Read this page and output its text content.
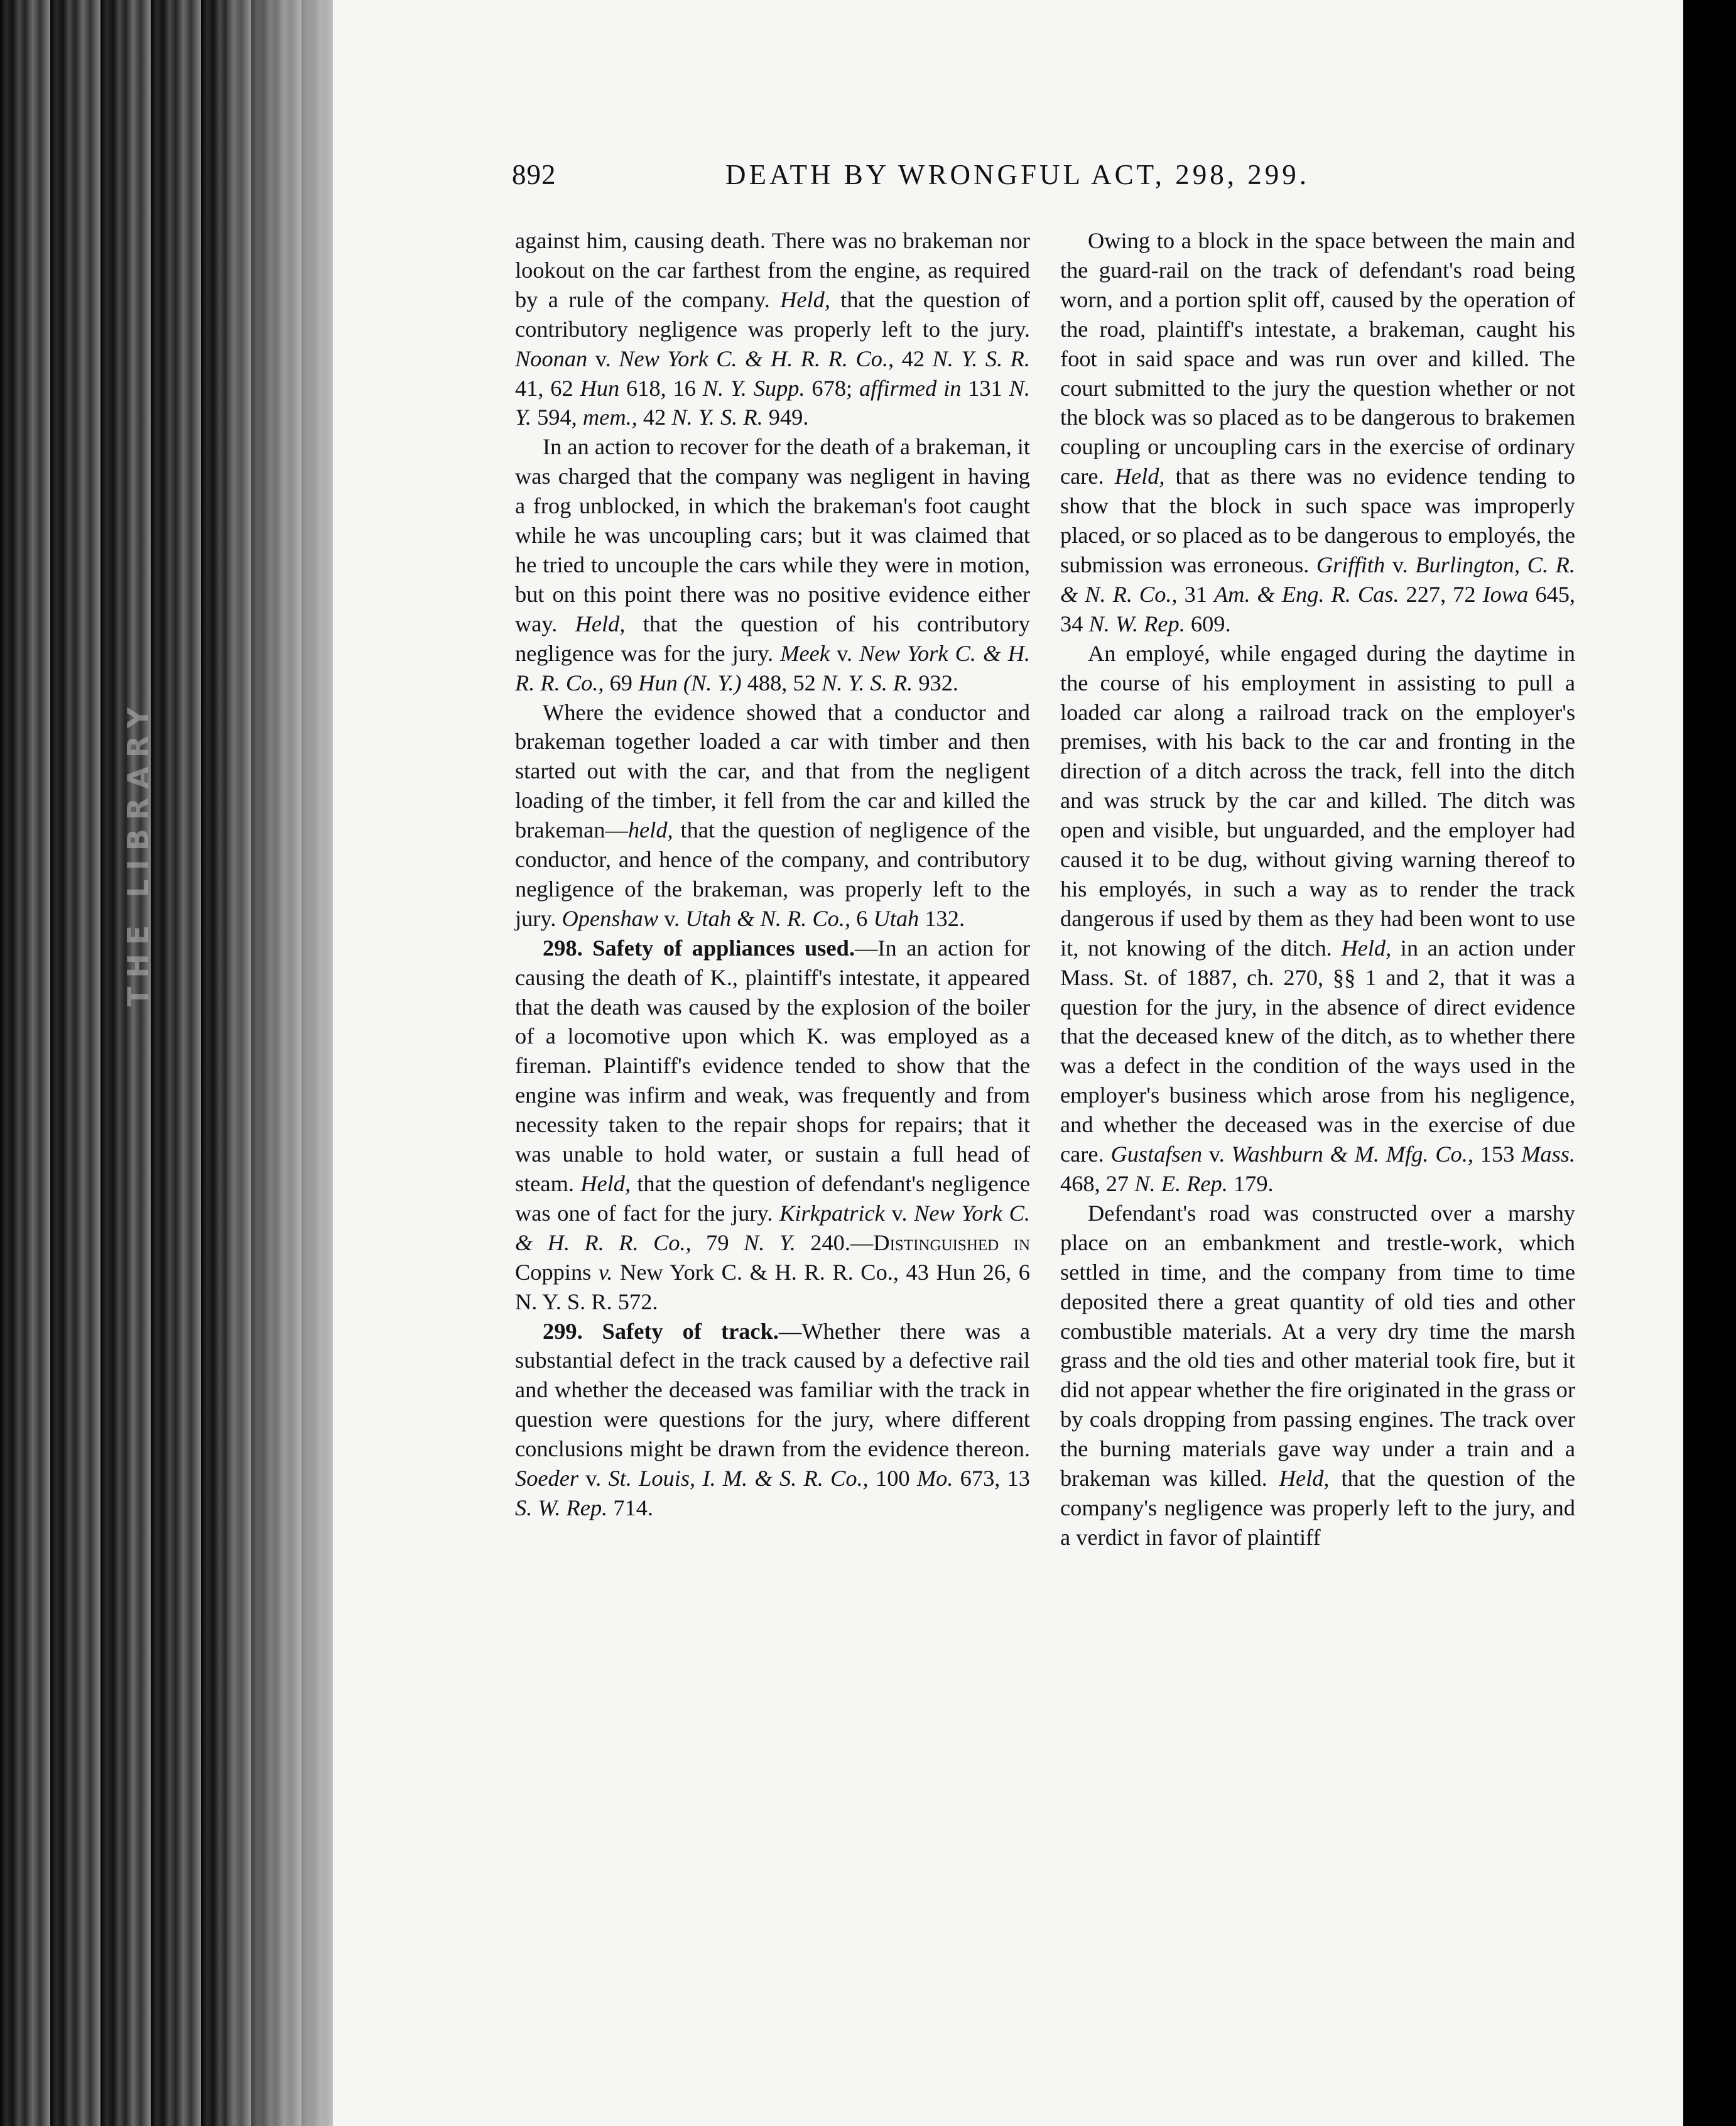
THE LIBRARY
892	DEATH BY WRONGFUL ACT, 298, 299.

against him, causing death. There was no brakeman nor lookout on the car farthest from the engine, as required by a rule of the company. Held, that the question of contributory negligence was properly left to the jury. Noonan v. New York C. & H. R. R. Co., 42 N. Y. S. R. 41, 62 Hun 618, 16 N. Y. Supp. 678; affirmed in 131 N. Y. 594, mem., 42 N. Y. S. R. 949.

In an action to recover for the death of a brakeman, it was charged that the company was negligent in having a frog unblocked, in which the brakeman's foot caught while he was uncoupling cars; but it was claimed that he tried to uncouple the cars while they were in motion, but on this point there was no positive evidence either way. Held, that the question of his contributory negligence was for the jury. Meek v. New York C. & H. R. R. Co., 69 Hun (N. Y.) 488, 52 N. Y. S. R. 932.

Where the evidence showed that a conductor and brakeman together loaded a car with timber and then started out with the car, and that from the negligent loading of the timber, it fell from the car and killed the brakeman—held, that the question of negligence of the conductor, and hence of the company, and contributory negligence of the brakeman, was properly left to the jury. Openshaw v. Utah & N. R. Co., 6 Utah 132.

298. Safety of appliances used.—In an action for causing the death of K., plaintiff's intestate, it appeared that the death was caused by the explosion of the boiler of a locomotive upon which K. was employed as a fireman. Plaintiff's evidence tended to show that the engine was infirm and weak, was frequently and from necessity taken to the repair shops for repairs; that it was unable to hold water, or sustain a full head of steam. Held, that the question of defendant's negligence was one of fact for the jury. Kirkpatrick v. New York C. & H. R. R. Co., 79 N. Y. 240.—Distinguished in Coppins v. New York C. & H. R. R. Co., 43 Hun 26, 6 N. Y. S. R. 572.

299. Safety of track.—Whether there was a substantial defect in the track caused by a defective rail and whether the deceased was familiar with the track in question were questions for the jury, where different conclusions might be drawn from the evidence thereon. Soeder v. St. Louis, I. M. & S. R. Co., 100 Mo. 673, 13 S. W. Rep. 714.

Owing to a block in the space between the main and the guard-rail on the track of defendant's road being worn, and a portion split off, caused by the operation of the road, plaintiff's intestate, a brakeman, caught his foot in said space and was run over and killed. The court submitted to the jury the question whether or not the block was so placed as to be dangerous to brakemen coupling or uncoupling cars in the exercise of ordinary care. Held, that as there was no evidence tending to show that the block in such space was improperly placed, or so placed as to be dangerous to employés, the submission was erroneous. Griffith v. Burlington, C. R. & N. R. Co., 31 Am. & Eng. R. Cas. 227, 72 Iowa 645, 34 N. W. Rep. 609.

An employé, while engaged during the daytime in the course of his employment in assisting to pull a loaded car along a railroad track on the employer's premises, with his back to the car and fronting in the direction of a ditch across the track, fell into the ditch and was struck by the car and killed. The ditch was open and visible, but unguarded, and the employer had caused it to be dug, without giving warning thereof to his employés, in such a way as to render the track dangerous if used by them as they had been wont to use it, not knowing of the ditch. Held, in an action under Mass. St. of 1887, ch. 270, §§ 1 and 2, that it was a question for the jury, in the absence of direct evidence that the deceased knew of the ditch, as to whether there was a defect in the condition of the ways used in the employer's business which arose from his negligence, and whether the deceased was in the exercise of due care. Gustafsen v. Washburn & M. Mfg. Co., 153 Mass. 468, 27 N. E. Rep. 179.

Defendant's road was constructed over a marshy place on an embankment and trestle-work, which settled in time, and the company from time to time deposited there a great quantity of old ties and other combustible materials. At a very dry time the marsh grass and the old ties and other material took fire, but it did not appear whether the fire originated in the grass or by coals dropping from passing engines. The track over the burning materials gave way under a train and a brakeman was killed. Held, that the question of the company's negligence was properly left to the jury, and a verdict in favor of plaintiff
